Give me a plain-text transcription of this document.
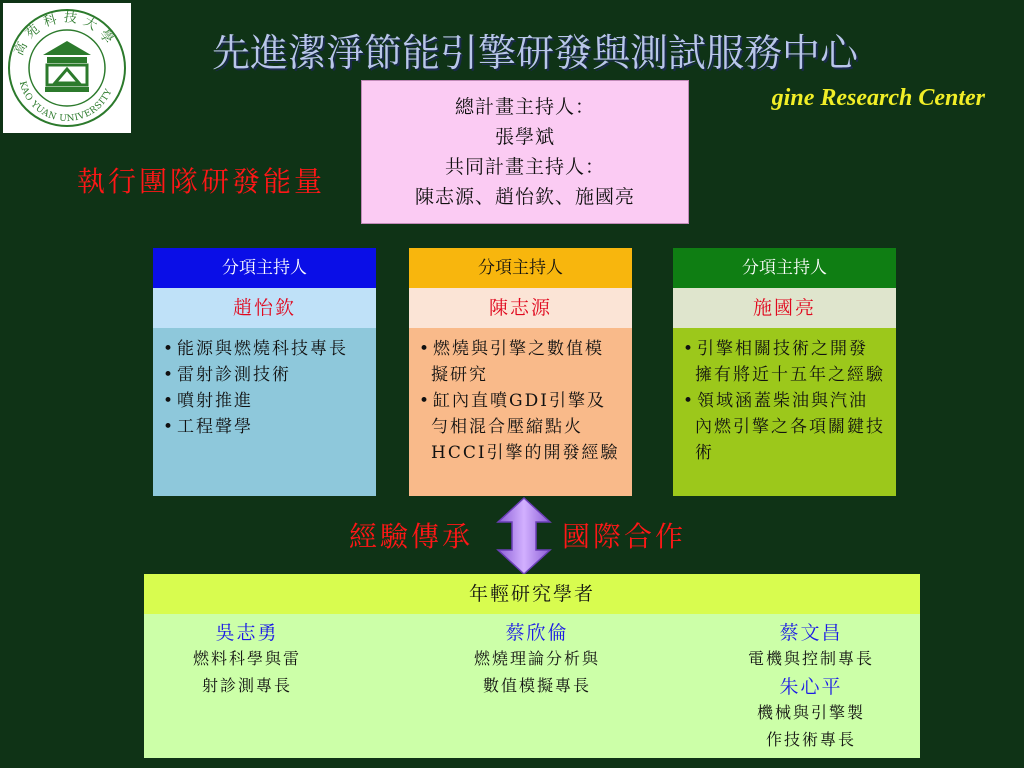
高苑科技大學
KAO YUAN UNIVERSITY
先進潔淨節能引擎研發與測試服務中心
gine Research Center
總計畫主持人：
張學斌
共同計畫主持人：
陳志源、趙怡欽、施國亮
執行團隊研發能量
分項主持人
趙怡欽
• 能源與燃燒科技專長
• 雷射診測技術
• 噴射推進
• 工程聲學
分項主持人
陳志源
• 燃燒與引擎之數值模擬研究
• 缸內直噴GDI引擎及勻相混合壓縮點火HCCI引擎的開發經驗
分項主持人
施國亮
• 引擎相關技術之開發擁有將近十五年之經驗
• 領域涵蓋柴油與汽油內燃引擎之各項關鍵技術
經驗傳承	國際合作
年輕研究學者
吳志勇
燃料科學與雷
射診測專長
蔡欣倫
燃燒理論分析與
數值模擬專長
蔡文昌
電機與控制專長
朱心平
機械與引擎製
作技術專長
